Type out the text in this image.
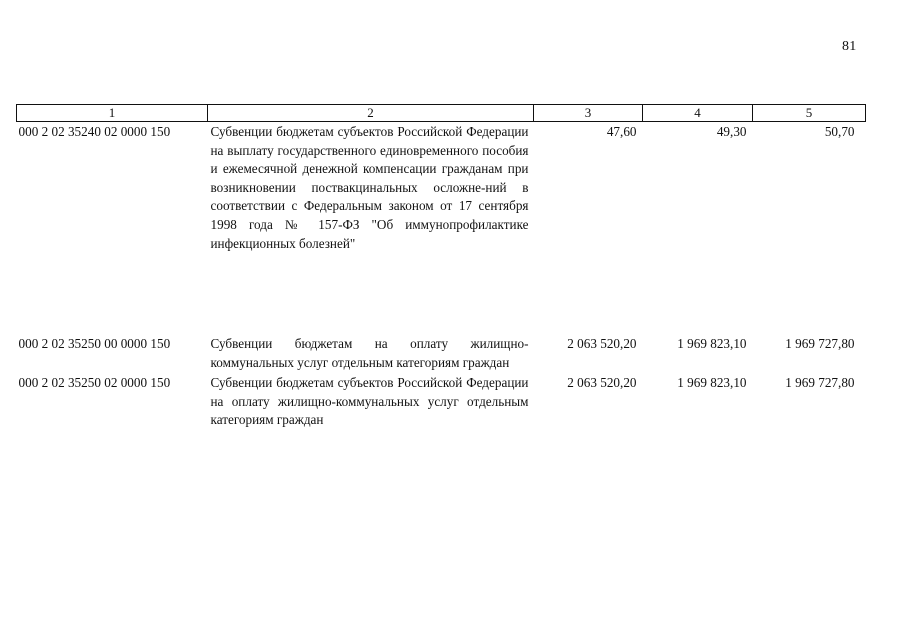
81
1	2	3	4	5
000 2 02 35240 02 0000 150	Субвенции бюджетам субъектов Российской Федерации на выплату государственного единовременного пособия и ежемесячной денежной компенсации гражданам при возникновении поствакцинальных осложне-ний в соответствии с Федеральным законом от 17 сентября 1998 года № 157-ФЗ "Об иммунопрофилактике инфекционных болезней"	47,60	49,30	50,70
000 2 02 35250 00 0000 150	Субвенции бюджетам на оплату жилищно-коммунальных услуг отдельным категориям граждан	2 063 520,20	1 969 823,10	1 969 727,80
000 2 02 35250 02 0000 150	Субвенции бюджетам субъектов Российской Федерации на оплату жилищно-коммунальных услуг отдельным категориям граждан	2 063 520,20	1 969 823,10	1 969 727,80
